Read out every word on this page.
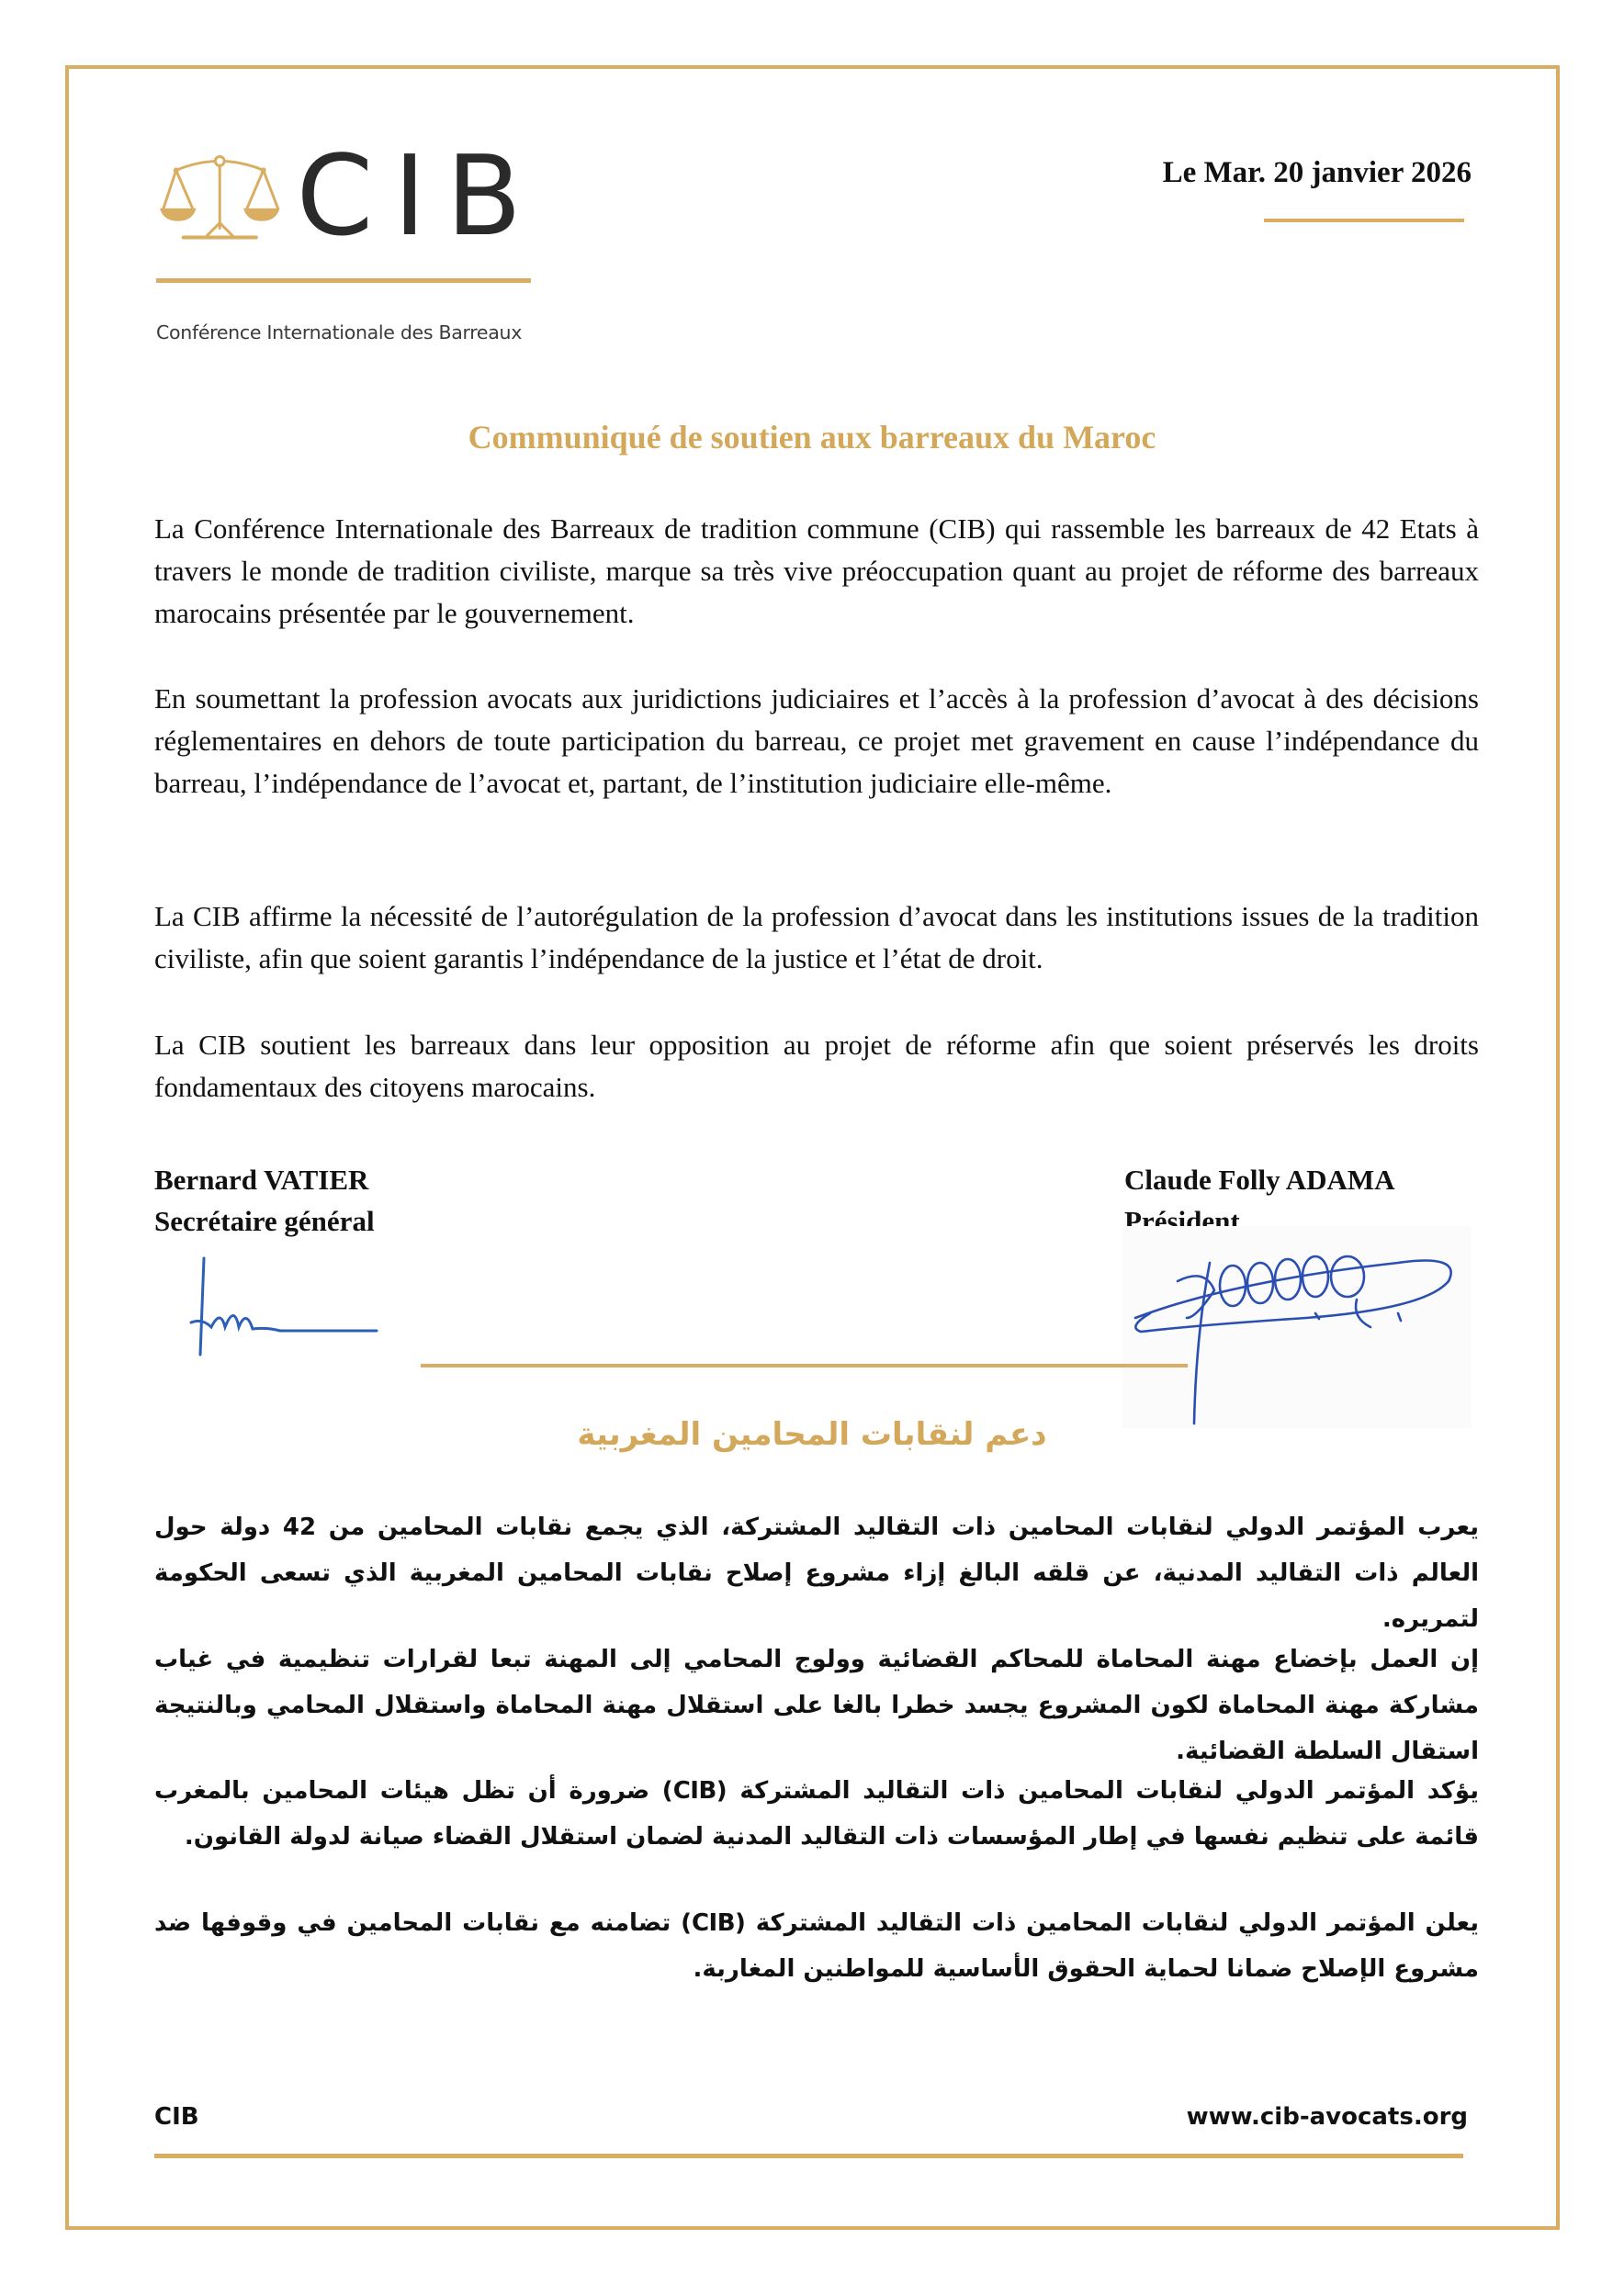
CIB
Conférence Internationale des Barreaux
Le Mar. 20 janvier 2026
Communiqué de soutien aux barreaux du Maroc

La Conférence Internationale des Barreaux de tradition commune (CIB) qui rassemble les barreaux de 42 Etats à travers le monde de tradition civiliste, marque sa très vive préoccupation quant au projet de réforme des barreaux marocains présentée par le gouvernement.

En soumettant la profession avocats aux juridictions judiciaires et l’accès à la profession d’avocat à des décisions réglementaires en dehors de toute participation du barreau, ce projet met gravement en cause l’indépendance du barreau, l’indépendance de l’avocat et, partant, de l’institution judiciaire elle-même.

La CIB affirme la nécessité de l’autorégulation de la profession d’avocat dans les institutions issues de la tradition civiliste, afin que soient garantis l’indépendance de la justice et l’état de droit.

La CIB soutient les barreaux dans leur opposition au projet de réforme afin que soient préservés les droits fondamentaux des citoyens marocains.

Bernard VATIER
Secrétaire général
Claude Folly ADAMA
Président
دعم لنقابات المحامين المغربية

يعرب المؤتمر الدولي لنقابات المحامين ذات التقاليد المشتركة، الذي يجمع نقابات المحامين من 42 دولة حول العالم ذات التقاليد المدنية، عن قلقه البالغ إزاء مشروع إصلاح نقابات المحامين المغربية الذي تسعى الحكومة لتمريره.

إن العمل بإخضاع مهنة المحاماة للمحاكم القضائية وولوج المحامي إلى المهنة تبعا لقرارات تنظيمية في غياب مشاركة مهنة المحاماة لكون المشروع يجسد خطرا بالغا على استقلال مهنة المحاماة واستقلال المحامي وبالنتيجة استقال السلطة القضائية.

يؤكد المؤتمر الدولي لنقابات المحامين ذات التقاليد المشتركة (CIB) ضرورة أن تظل هيئات المحامين بالمغرب قائمة على تنظيم نفسها في إطار المؤسسات ذات التقاليد المدنية لضمان استقلال القضاء صيانة لدولة القانون.

يعلن المؤتمر الدولي لنقابات المحامين ذات التقاليد المشتركة (CIB) تضامنه مع نقابات المحامين في وقوفها ضد مشروع الإصلاح ضمانا لحماية الحقوق الأساسية للمواطنين المغاربة.

CIB	www.cib-avocats.org
